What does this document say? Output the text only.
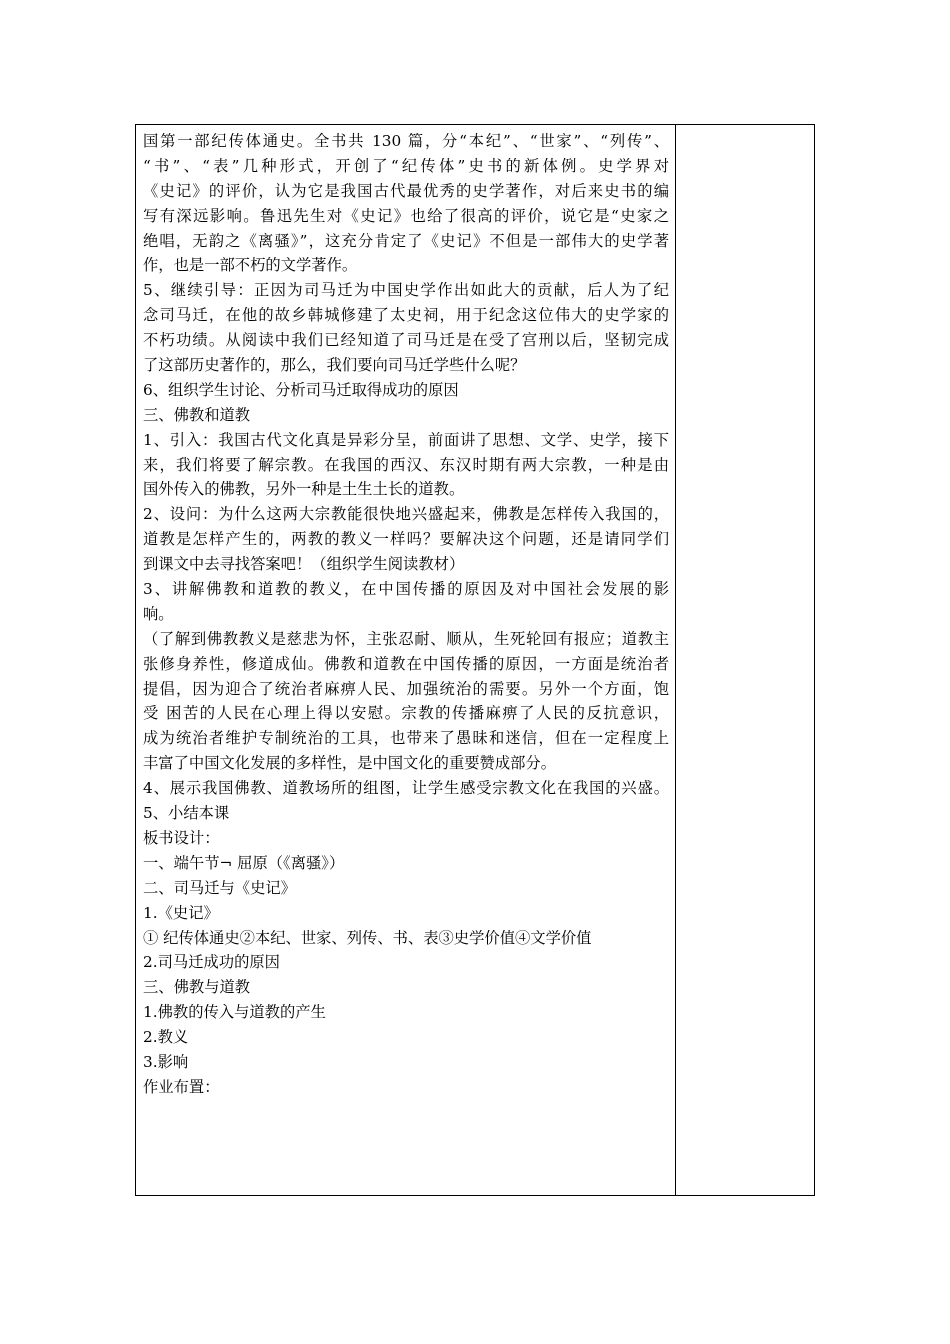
国第一部纪传体通史。全书共 130 篇，分“本纪”、“世家”、“列传”、
“书”、“表”几种形式，开创了“纪传体”史书的新体例。史学界对
《史记》的评价，认为它是我国古代最优秀的史学著作，对后来史书的编
写有深远影响。鲁迅先生对《史记》也给了很高的评价，说它是“史家之
绝唱，无韵之《离骚》”，这充分肯定了《史记》不但是一部伟大的史学著
作，也是一部不朽的文学著作。
5、继续引导：正因为司马迁为中国史学作出如此大的贡献，后人为了纪
念司马迁，在他的故乡韩城修建了太史祠，用于纪念这位伟大的史学家的
不朽功绩。从阅读中我们已经知道了司马迁是在受了宫刑以后，坚韧完成
了这部历史著作的，那么，我们要向司马迁学些什么呢？
6、组织学生讨论、分析司马迁取得成功的原因
三、佛教和道教
1、引入：我国古代文化真是异彩分呈，前面讲了思想、文学、史学，接下
来，我们将要了解宗教。在我国的西汉、东汉时期有两大宗教，一种是由
国外传入的佛教，另外一种是土生土长的道教。
2、设问：为什么这两大宗教能很快地兴盛起来，佛教是怎样传入我国的，
道教是怎样产生的，两教的教义一样吗？要解决这个问题，还是请同学们
到课文中去寻找答案吧！（组织学生阅读教材）
3、讲解佛教和道教的教义，在中国传播的原因及对中国社会发展的影
响。
（了解到佛教教义是慈悲为怀，主张忍耐、顺从，生死轮回有报应；道教主
张修身养性，修道成仙。佛教和道教在中国传播的原因，一方面是统治者
提倡，因为迎合了统治者麻痹人民、加强统治的需要。另外一个方面，饱
受 困苦的人民在心理上得以安慰。宗教的传播麻痹了人民的反抗意识，
成为统治者维护专制统治的工具，也带来了愚昧和迷信，但在一定程度上
丰富了中国文化发展的多样性，是中国文化的重要赞成部分。
4、展示我国佛教、道教场所的组图，让学生感受宗教文化在我国的兴盛。
5、小结本课
板书设计：
一、端午节¬ 屈原（《离骚》）
二、司马迁与《史记》
1.《史记》
① 纪传体通史②本纪、世家、列传、书、表③史学价值④文学价值
2.司马迁成功的原因
三、佛教与道教
1.佛教的传入与道教的产生
2.教义
3.影响
作业布置：
